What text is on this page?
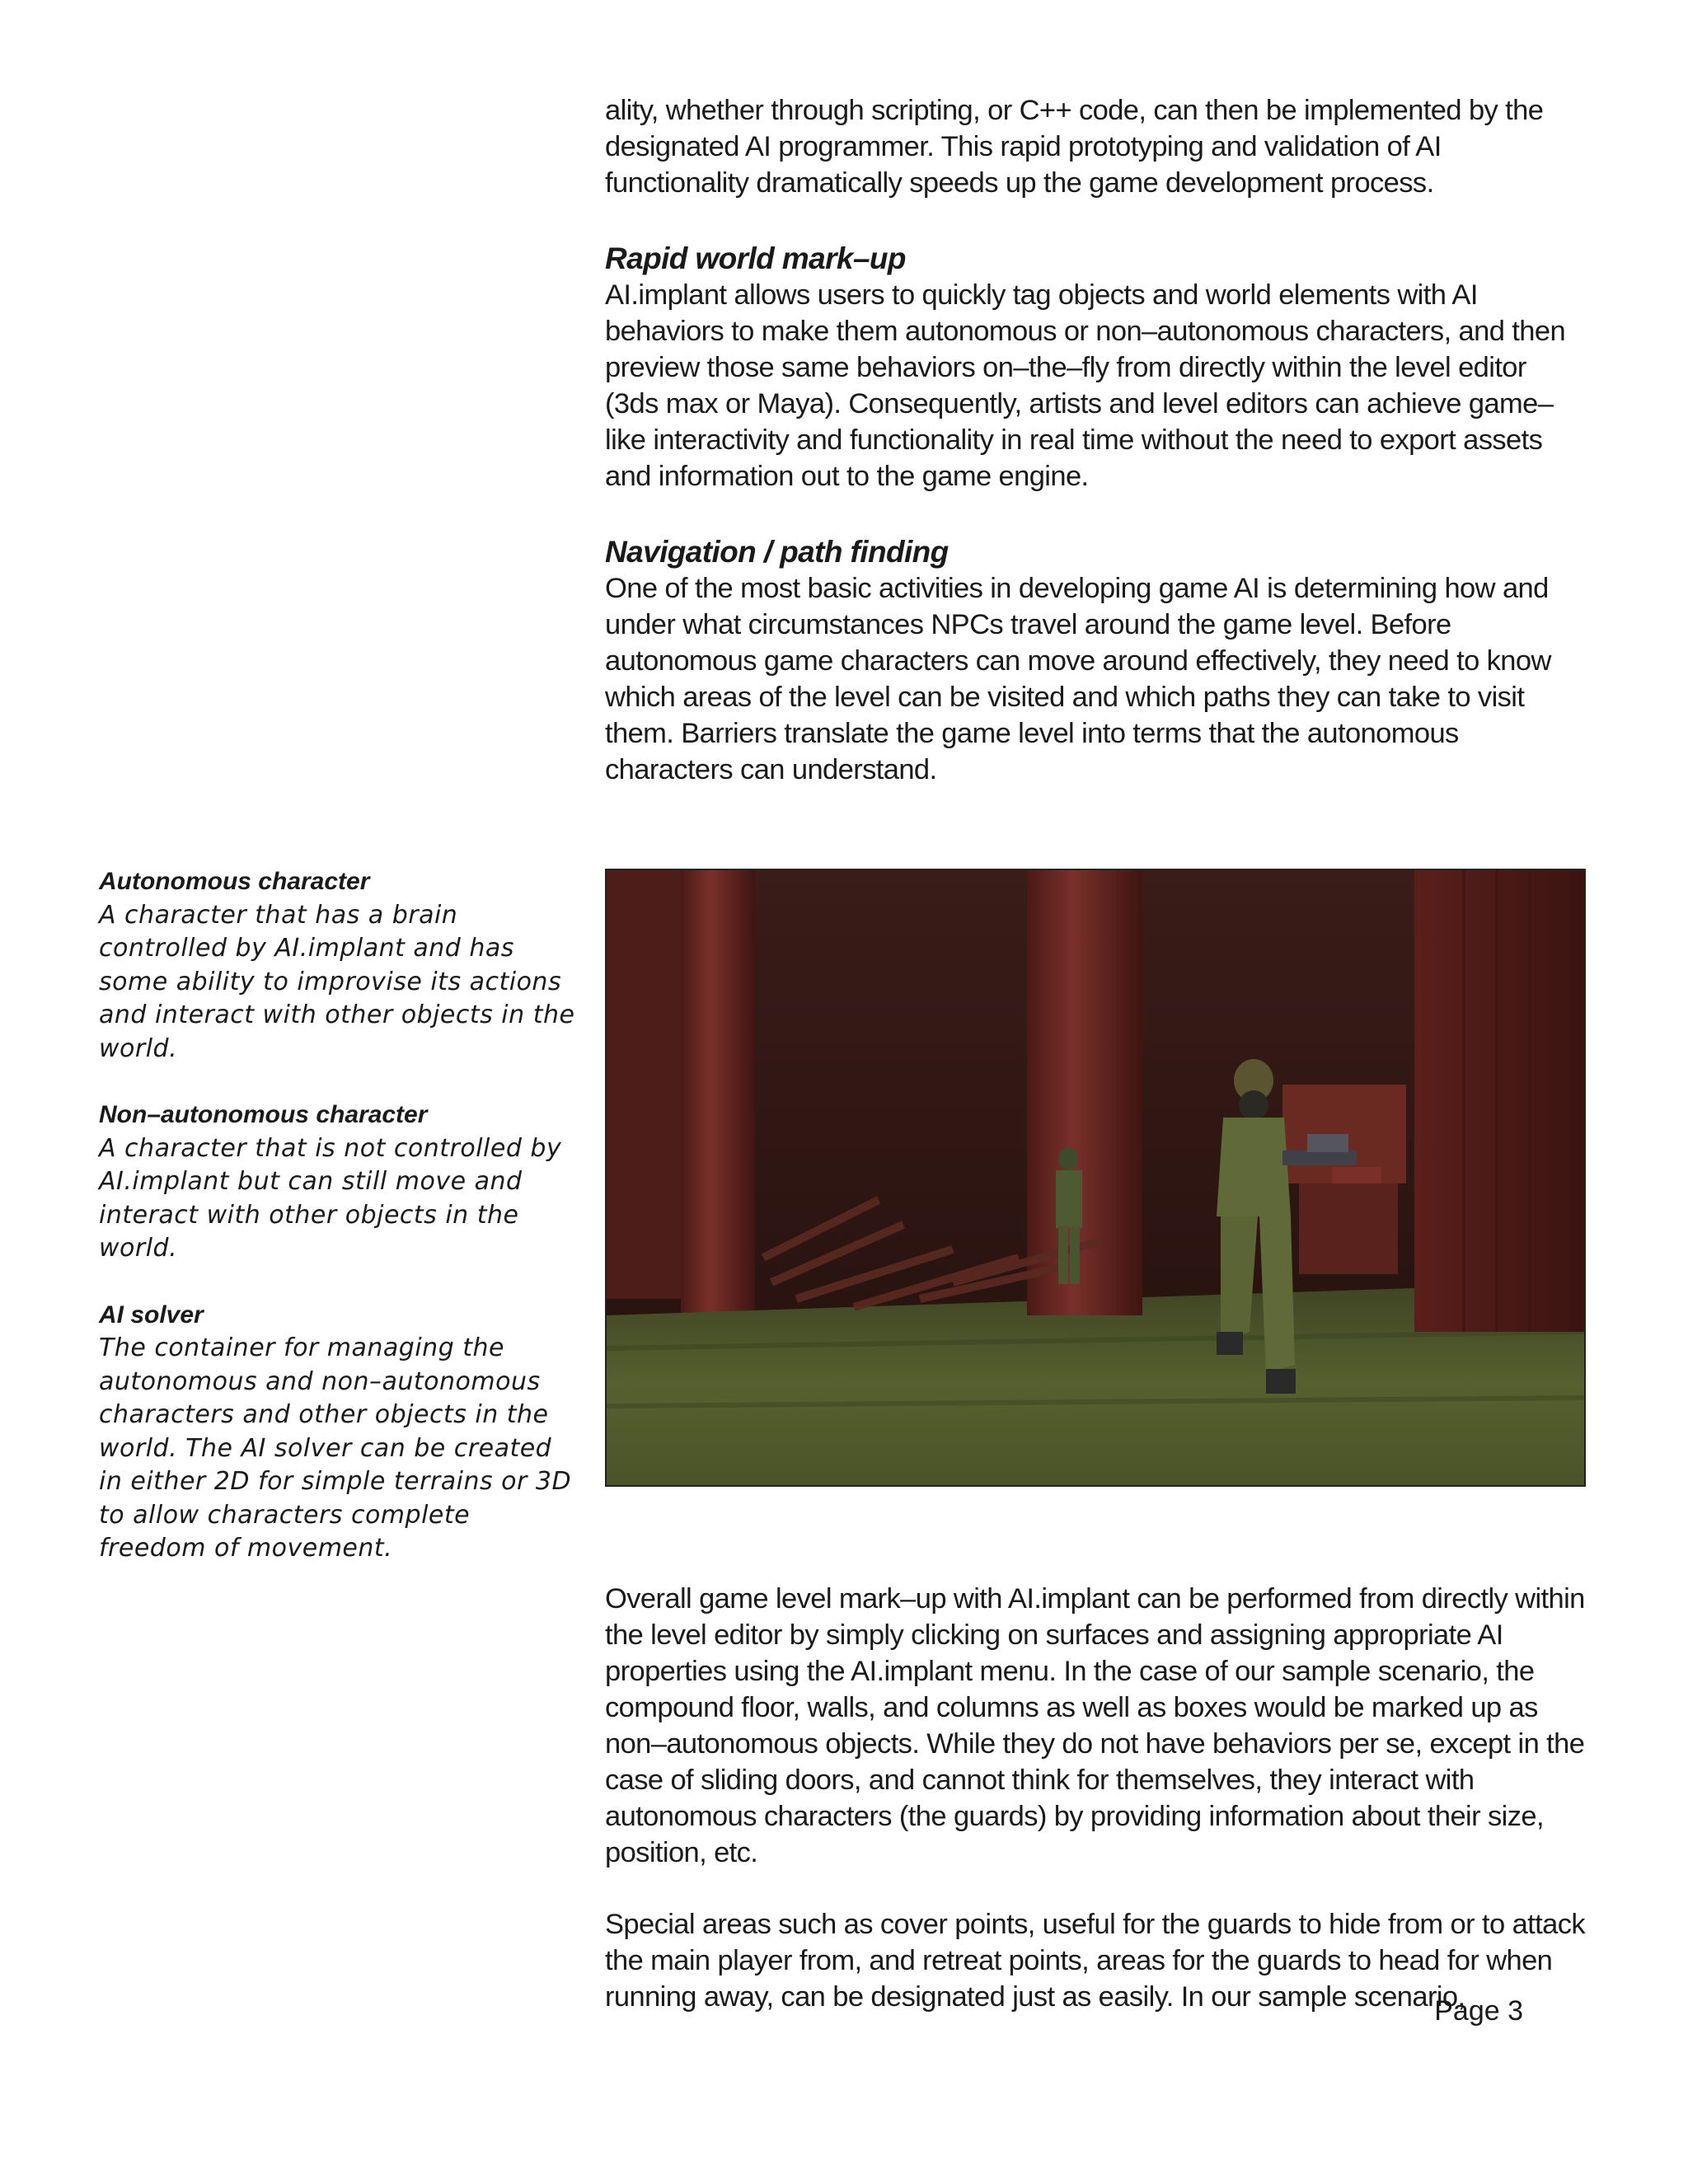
ality, whether through scripting, or C++ code, can then be implemented by the designated AI programmer. This rapid prototyping and validation of AI functionality dramatically speeds up the game development process.

Rapid world mark–up

AI.implant allows users to quickly tag objects and world elements with AI behaviors to make them autonomous or non–autonomous characters, and then preview those same behaviors on–the–fly from directly within the level editor (3ds max or Maya). Consequently, artists and level editors can achieve game–like interactivity and functionality in real time without the need to export assets and information out to the game engine.

Navigation / path finding

One of the most basic activities in developing game AI is determining how and under what circumstances NPCs travel around the game level. Before autonomous game characters can move around effectively, they need to know which areas of the level can be visited and which paths they can take to visit them. Barriers translate the game level into terms that the autonomous characters can understand.

Autonomous character

A character that has a brain controlled by AI.implant and has some ability to improvise its actions and interact with other objects in the world.

Non–autonomous character

A character that is not controlled by AI.implant but can still move and interact with other objects in the world.

AI solver

The container for managing the autonomous and non–autonomous characters and other objects in the world. The AI solver can be created in either 2D for simple terrains or 3D to allow characters complete freedom of movement.

Overall game level mark–up with AI.implant can be performed from directly within the level editor by simply clicking on surfaces and assigning appropriate AI properties using the AI.implant menu. In the case of our sample scenario, the compound floor, walls, and columns as well as boxes would be marked up as non–autonomous objects. While they do not have behaviors per se, except in the case of sliding doors, and cannot think for themselves, they interact with autonomous characters (the guards) by providing information about their size, position, etc.

Special areas such as cover points, useful for the guards to hide from or to attack the main player from, and retreat points, areas for the guards to head for when running away, can be designated just as easily. In our sample scenario,

Page 3
